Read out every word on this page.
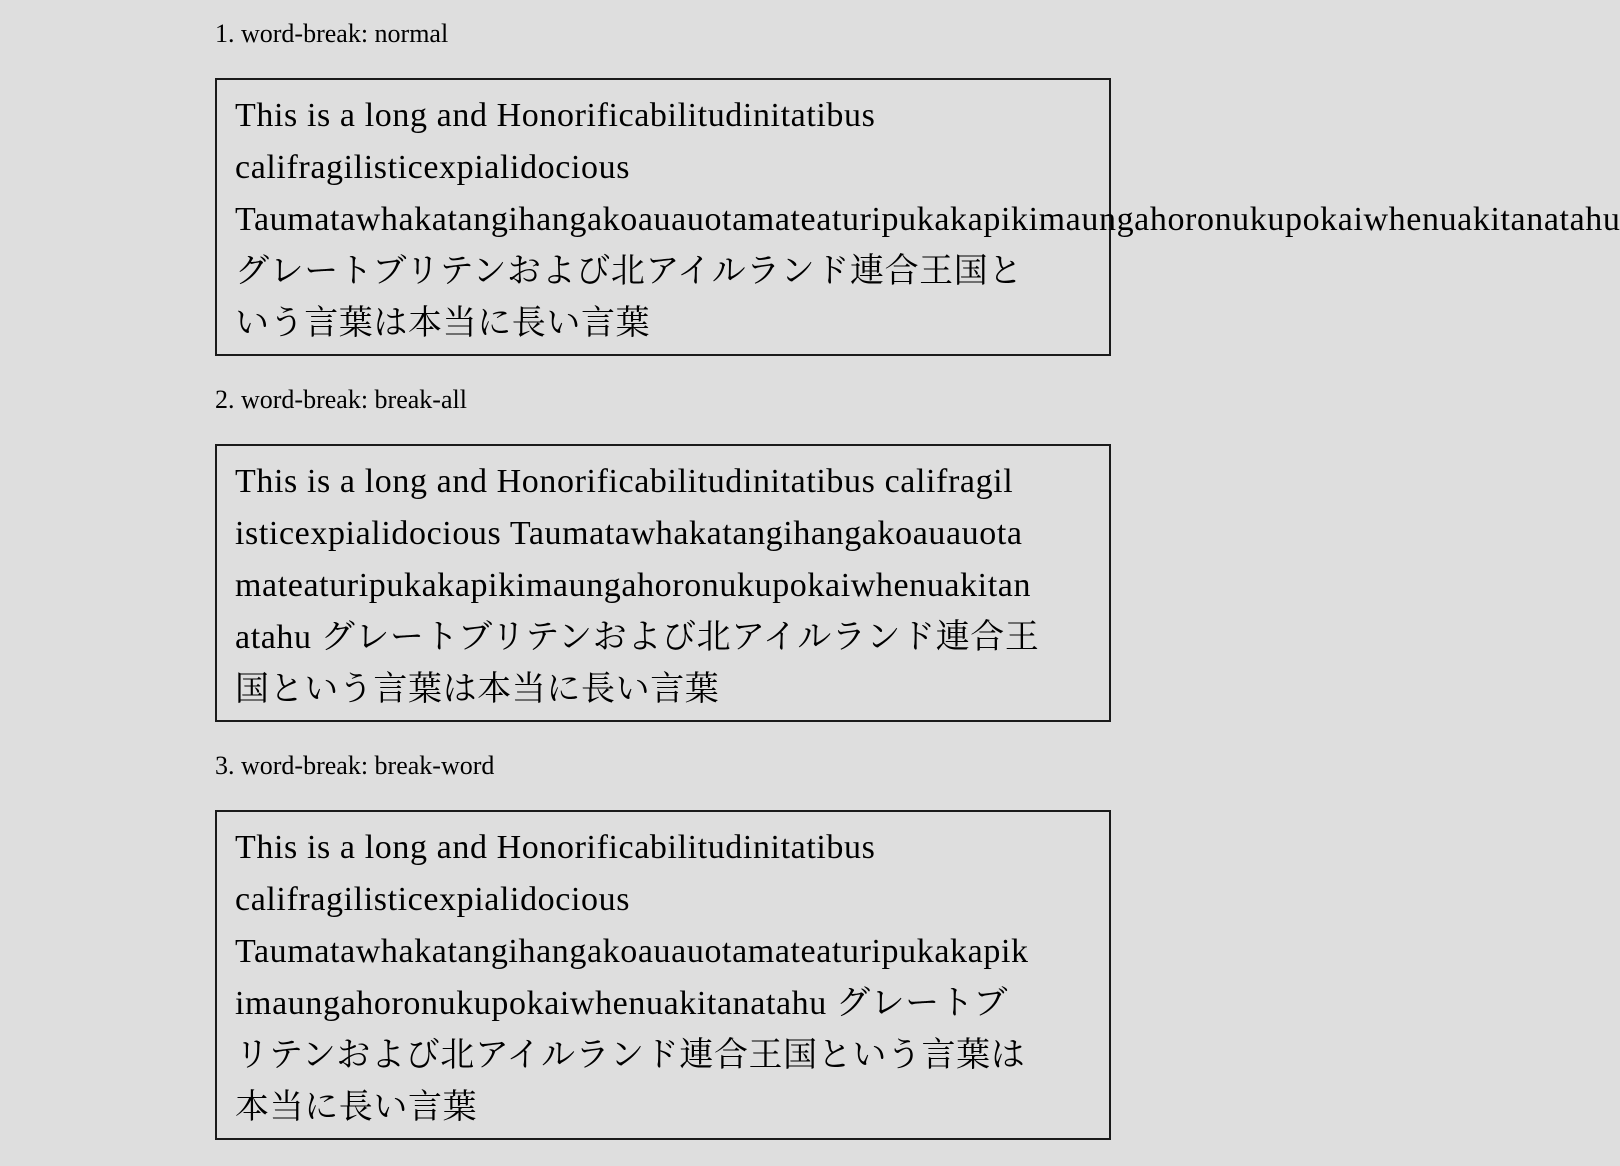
1. word-break: normal
This is a long and Honorificabilitudinitatibus
califragilisticexpialidocious
Taumatawhakatangihangakoauauotamateaturipukakapikimaungahoronukupokaiwhenuakitanatahu
グレートブリテンおよび北アイルランド連合王国と
いう言葉は本当に長い言葉
2. word-break: break-all
This is a long and Honorificabilitudinitatibus califragil
isticexpialidocious Taumatawhakatangihangakoauauota
mateaturipukakapikimaungahoronukupokaiwhenuakitan
atahu グレートブリテンおよび北アイルランド連合王
国という言葉は本当に長い言葉
3. word-break: break-word
This is a long and Honorificabilitudinitatibus
califragilisticexpialidocious
Taumatawhakatangihangakoauauotamateaturipukakapik
imaungahoronukupokaiwhenuakitanatahu グレートブ
リテンおよび北アイルランド連合王国という言葉は
本当に長い言葉
